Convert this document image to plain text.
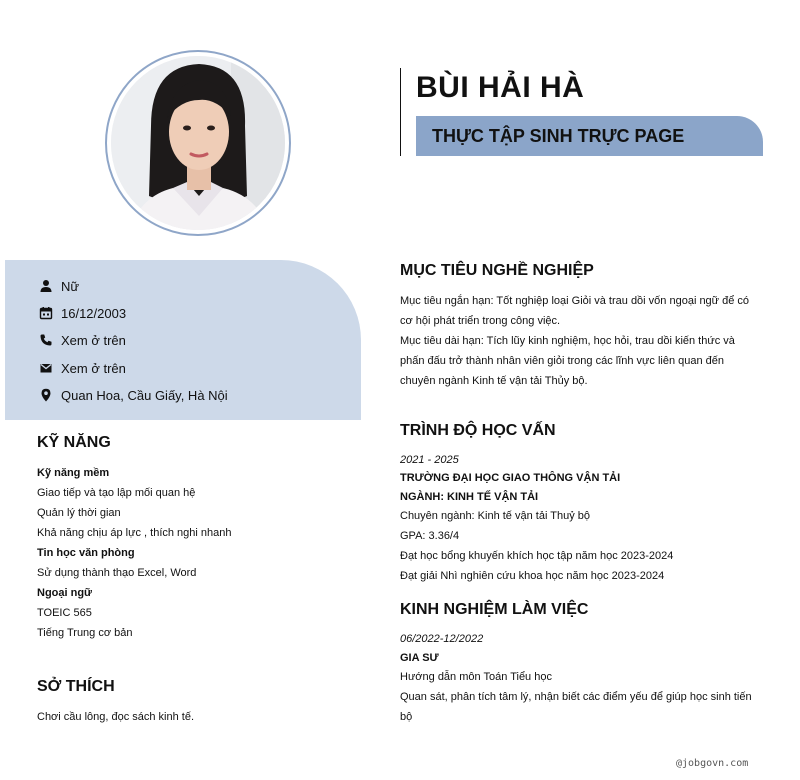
BÙI HẢI HÀ
THỰC TẬP SINH TRỰC PAGE
Nữ
16/12/2003
Xem ở trên
Xem ở trên
Quan Hoa, Cầu Giấy, Hà Nội
KỸ NĂNG
Kỹ năng mềm
Giao tiếp và tạo lập mối quan hệ
Quản lý thời gian
Khả năng chịu áp lực , thích nghi nhanh
Tin học văn phòng
Sử dụng thành thạo Excel, Word
Ngoại ngữ
TOEIC 565
Tiếng Trung cơ bản
SỞ THÍCH
Chơi cầu lông, đọc sách kinh tế.
MỤC TIÊU NGHỀ NGHIỆP
Mục tiêu ngắn hạn: Tốt nghiệp loại Giỏi và trau dồi vốn ngoại ngữ để có
cơ hội phát triển trong công việc.
Mục tiêu dài hạn: Tích lũy kinh nghiệm, học hỏi, trau dồi kiến thức và
phấn đấu trở thành nhân viên giỏi trong các lĩnh vực liên quan đến
chuyên ngành Kinh tế vận tải Thủy bộ.
TRÌNH ĐỘ HỌC VẤN
2021 - 2025
TRƯỜNG ĐẠI HỌC GIAO THÔNG VẬN TẢI
NGÀNH: KINH TẾ VẬN TẢI
Chuyên ngành: Kinh tế vận tải Thuỷ bộ
GPA: 3.36/4
Đạt học bổng khuyến khích học tập năm học 2023-2024
Đạt giải Nhì nghiên cứu khoa học năm học 2023-2024
KINH NGHIỆM LÀM VIỆC
06/2022-12/2022
GIA SƯ
Hướng dẫn môn Toán Tiểu học
Quan sát, phân tích tâm lý, nhận biết các điểm yếu để giúp học sinh tiến
bộ
@jobgovn.com
